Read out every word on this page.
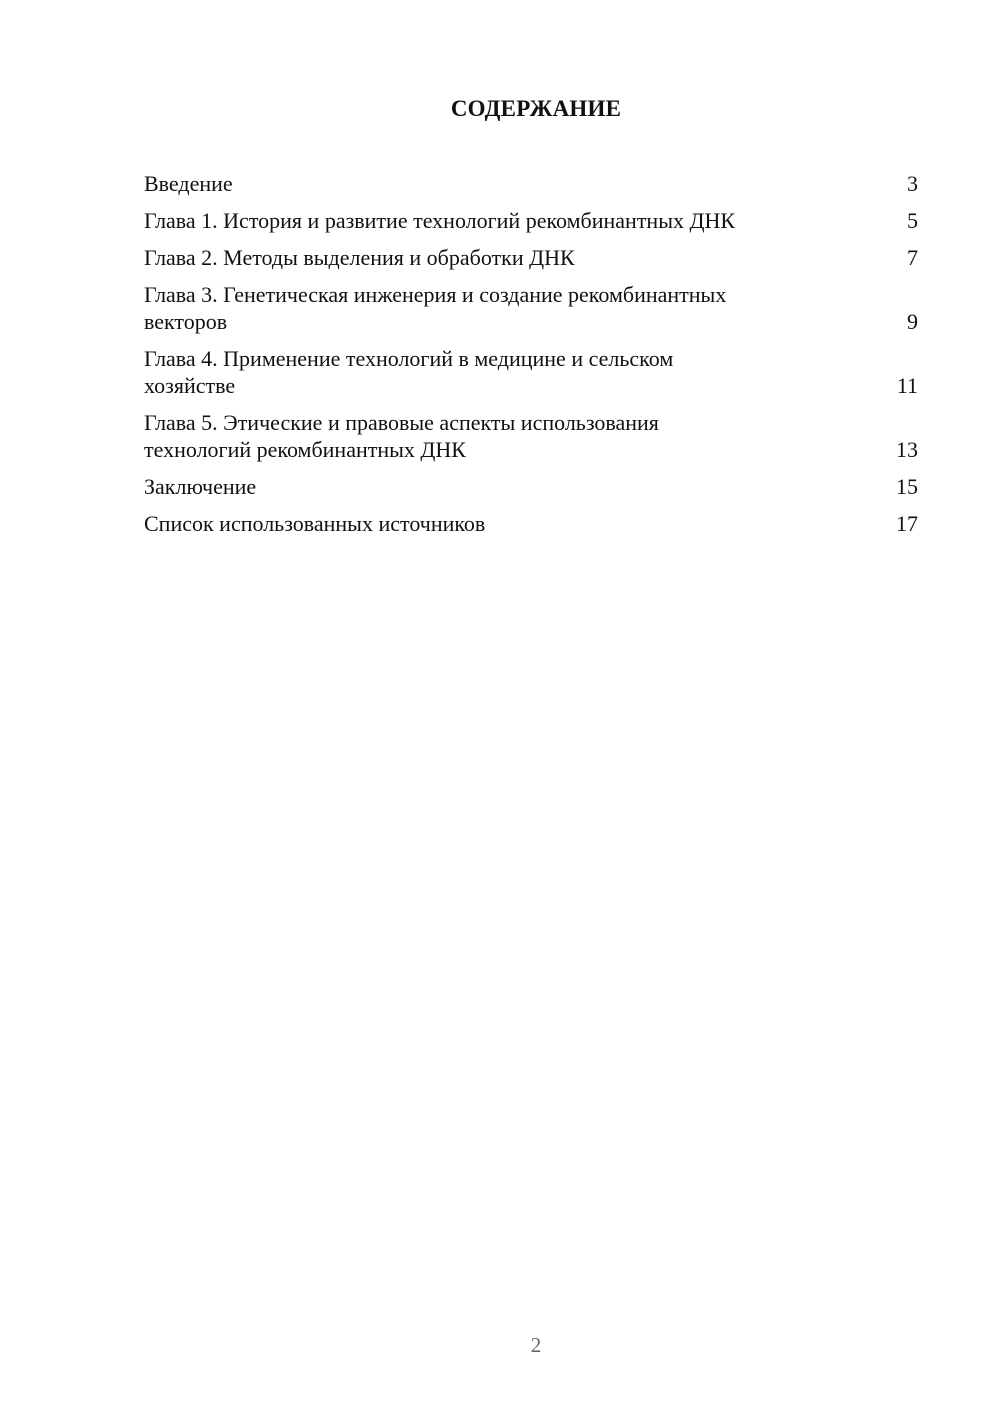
СОДЕРЖАНИЕ
Введение	3
Глава 1. История и развитие технологий рекомбинантных ДНК	5
Глава 2. Методы выделения и обработки ДНК	7
Глава 3. Генетическая инженерия и создание рекомбинантных
векторов	9
Глава 4. Применение технологий в медицине и сельском
хозяйстве	11
Глава 5. Этические и правовые аспекты использования
технологий рекомбинантных ДНК	13
Заключение	15
Список использованных источников	17
2
